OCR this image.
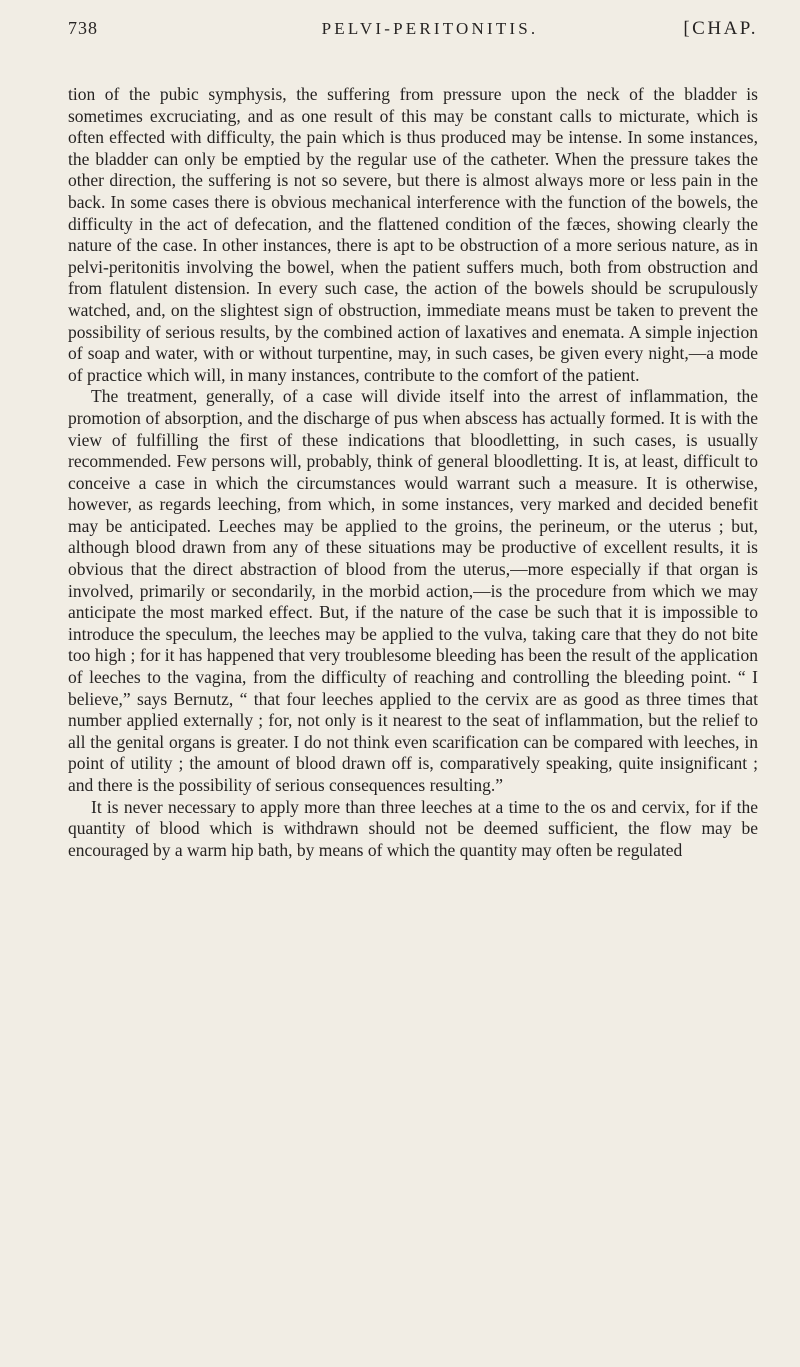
738	PELVI-PERITONITIS.	[CHAP.

tion of the pubic symphysis, the suffering from pressure upon the neck of the bladder is sometimes excruciating, and as one result of this may be constant calls to micturate, which is often effected with difficulty, the pain which is thus produced may be intense. In some instances, the bladder can only be emptied by the regular use of the catheter. When the pressure takes the other direction, the suffering is not so severe, but there is almost always more or less pain in the back. In some cases there is obvious mechanical interference with the function of the bowels, the difficulty in the act of defecation, and the flattened condition of the fæces, showing clearly the nature of the case. In other instances, there is apt to be obstruction of a more serious nature, as in pelvi-peritonitis involving the bowel, when the patient suffers much, both from obstruction and from flatulent distension. In every such case, the action of the bowels should be scrupulously watched, and, on the slightest sign of obstruction, immediate means must be taken to prevent the possibility of serious results, by the combined action of laxatives and enemata. A simple injection of soap and water, with or without turpentine, may, in such cases, be given every night,—a mode of practice which will, in many instances, contribute to the comfort of the patient.

The treatment, generally, of a case will divide itself into the arrest of inflammation, the promotion of absorption, and the discharge of pus when abscess has actually formed. It is with the view of fulfilling the first of these indications that bloodletting, in such cases, is usually recommended. Few persons will, probably, think of general bloodletting. It is, at least, difficult to conceive a case in which the circumstances would warrant such a measure. It is otherwise, however, as regards leeching, from which, in some instances, very marked and decided benefit may be anticipated. Leeches may be applied to the groins, the perineum, or the uterus ; but, although blood drawn from any of these situations may be productive of excellent results, it is obvious that the direct abstraction of blood from the uterus,—more especially if that organ is involved, primarily or secondarily, in the morbid action,—is the procedure from which we may anticipate the most marked effect. But, if the nature of the case be such that it is impossible to introduce the speculum, the leeches may be applied to the vulva, taking care that they do not bite too high ; for it has happened that very troublesome bleeding has been the result of the application of leeches to the vagina, from the difficulty of reaching and controlling the bleeding point. “ I believe,” says Bernutz, “ that four leeches applied to the cervix are as good as three times that number applied externally ; for, not only is it nearest to the seat of inflammation, but the relief to all the genital organs is greater. I do not think even scarification can be compared with leeches, in point of utility ; the amount of blood drawn off is, comparatively speaking, quite insignificant ; and there is the possibility of serious consequences resulting.”

It is never necessary to apply more than three leeches at a time to the os and cervix, for if the quantity of blood which is withdrawn should not be deemed sufficient, the flow may be encouraged by a warm hip bath, by means of which the quantity may often be regulated
